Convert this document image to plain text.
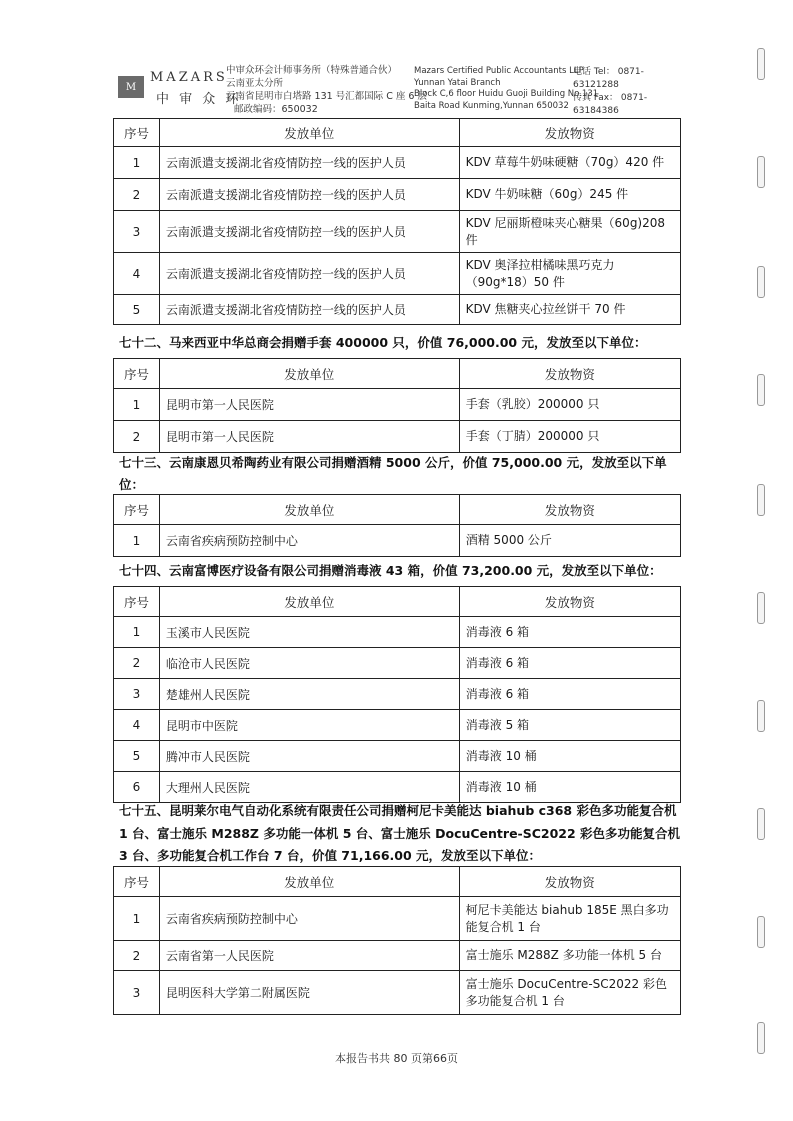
M
MAZARS
中 审 众 环
中审众环会计师事务所（特殊普通合伙）
云南亚太分所
云南省昆明市白塔路 131 号汇都国际 C 座 6 层
邮政编码：650032
Mazars Certified Public Accountants LLP
Yunnan Yatai Branch
Block C,6 floor Huidu Guoji Building No.131
Baita Road Kunming,Yunnan 650032
电话 Tel： 0871-63121288
传真 Fax： 0871-63184386
序号	发放单位	发放物资
1	云南派遣支援湖北省疫情防控一线的医护人员	KDV 草莓牛奶味硬糖（70g）420 件
2	云南派遣支援湖北省疫情防控一线的医护人员	KDV 牛奶味糖（60g）245 件
3	云南派遣支援湖北省疫情防控一线的医护人员	KDV 尼丽斯橙味夹心糖果（60g)208 件
4	云南派遣支援湖北省疫情防控一线的医护人员	KDV 奥泽拉柑橘味黑巧克力（90g*18）50 件
5	云南派遣支援湖北省疫情防控一线的医护人员	KDV 焦糖夹心拉丝饼干 70 件
七十二、马来西亚中华总商会捐赠手套 400000 只，价值 76,000.00 元，发放至以下单位：
序号	发放单位	发放物资
1	昆明市第一人民医院	手套（乳胶）200000 只
2	昆明市第一人民医院	手套（丁腈）200000 只
七十三、云南康恩贝希陶药业有限公司捐赠酒精 5000 公斤，价值 75,000.00 元，发放至以下单位：
序号	发放单位	发放物资
1	云南省疾病预防控制中心	酒精 5000 公斤
七十四、云南富博医疗设备有限公司捐赠消毒液 43 箱，价值 73,200.00 元，发放至以下单位：
序号	发放单位	发放物资
1	玉溪市人民医院	消毒液 6 箱
2	临沧市人民医院	消毒液 6 箱
3	楚雄州人民医院	消毒液 6 箱
4	昆明市中医院	消毒液 5 箱
5	腾冲市人民医院	消毒液 10 桶
6	大理州人民医院	消毒液 10 桶
七十五、昆明莱尔电气自动化系统有限责任公司捐赠柯尼卡美能达 biahub c368 彩色多功能复合机 1 台、富士施乐 M288Z 多功能一体机 5 台、富士施乐 DocuCentre-SC2022 彩色多功能复合机 3 台、多功能复合机工作台 7 台，价值 71,166.00 元，发放至以下单位：
序号	发放单位	发放物资
1	云南省疾病预防控制中心	柯尼卡美能达 biahub 185E 黑白多功能复合机 1 台
2	云南省第一人民医院	富士施乐 M288Z 多功能一体机 5 台
3	昆明医科大学第二附属医院	富士施乐 DocuCentre-SC2022 彩色多功能复合机 1 台
本报告书共 80 页第66页
